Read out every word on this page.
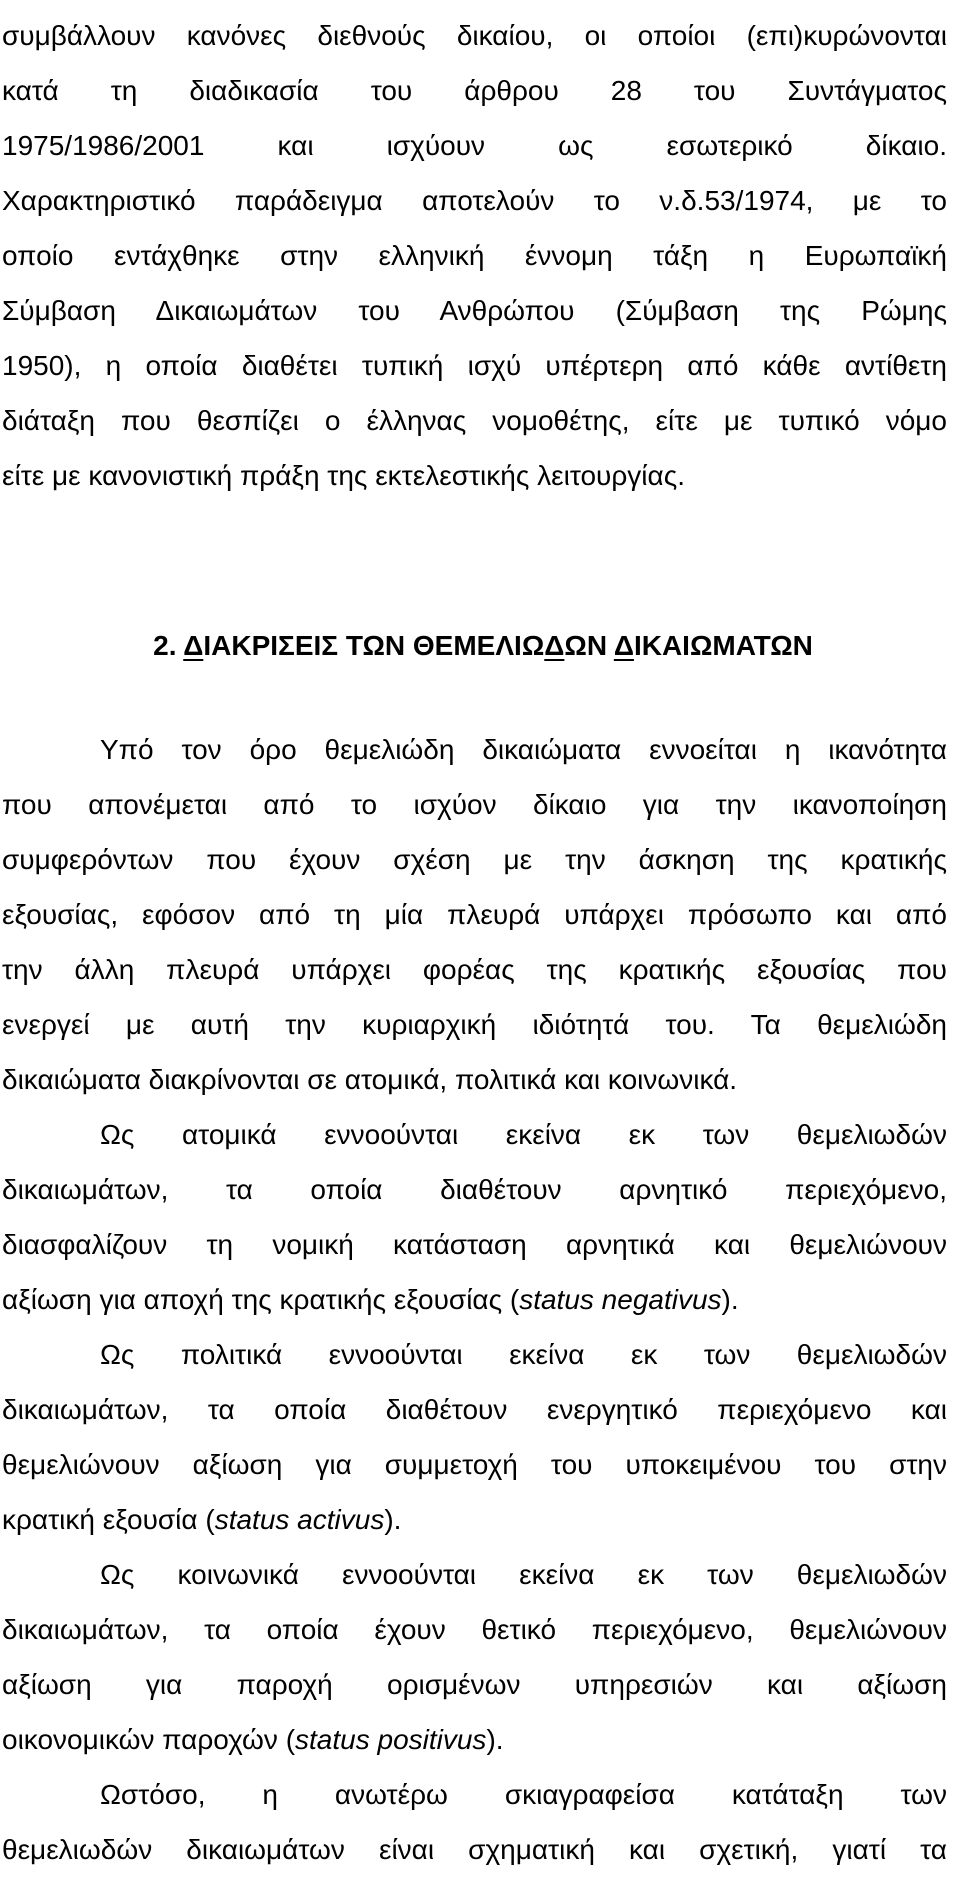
συμβάλλουν κανόνες διεθνούς δικαίου, οι οποίοι (επι)κυρώνονται
κατά τη διαδικασία του άρθρου 28 του Συντάγματος
1975/1986/2001 και ισχύουν ως εσωτερικό δίκαιο.
Χαρακτηριστικό παράδειγμα αποτελούν το ν.δ.53/1974, με το
οποίο εντάχθηκε στην ελληνική έννομη τάξη η Ευρωπαϊκή
Σύμβαση Δικαιωμάτων του Ανθρώπου (Σύμβαση της Ρώμης
1950), η οποία διαθέτει τυπική ισχύ υπέρτερη από κάθε αντίθετη
διάταξη που θεσπίζει ο έλληνας νομοθέτης, είτε με τυπικό νόμο
είτε με κανονιστική πράξη της εκτελεστικής λειτουργίας.
2. ΔΙΑΚΡΙΣΕΙΣ ΤΩΝ ΘΕΜΕΛΙΩΔΩΝ ΔΙΚΑΙΩΜΑΤΩΝ
Υπό τον όρο θεμελιώδη δικαιώματα εννοείται η ικανότητα
που απονέμεται από το ισχύον δίκαιο για την ικανοποίηση
συμφερόντων που έχουν σχέση με την άσκηση της κρατικής
εξουσίας, εφόσον από τη μία πλευρά υπάρχει πρόσωπο και από
την άλλη πλευρά υπάρχει φορέας της κρατικής εξουσίας που
ενεργεί με αυτή την κυριαρχική ιδιότητά του. Τα θεμελιώδη
δικαιώματα διακρίνονται σε ατομικά, πολιτικά και κοινωνικά.
Ως ατομικά εννοούνται εκείνα εκ των θεμελιωδών
δικαιωμάτων, τα οποία διαθέτουν αρνητικό περιεχόμενο,
διασφαλίζουν τη νομική κατάσταση αρνητικά και θεμελιώνουν
αξίωση για αποχή της κρατικής εξουσίας (status negativus).
Ως πολιτικά εννοούνται εκείνα εκ των θεμελιωδών
δικαιωμάτων, τα οποία διαθέτουν ενεργητικό περιεχόμενο και
θεμελιώνουν αξίωση για συμμετοχή του υποκειμένου του στην
κρατική εξουσία (status activus).
Ως κοινωνικά εννοούνται εκείνα εκ των θεμελιωδών
δικαιωμάτων, τα οποία έχουν θετικό περιεχόμενο, θεμελιώνουν
αξίωση για παροχή ορισμένων υπηρεσιών και αξίωση
οικονομικών παροχών (status positivus).
Ωστόσο, η ανωτέρω σκιαγραφείσα κατάταξη των
θεμελιωδών δικαιωμάτων είναι σχηματική και σχετική, γιατί τα
